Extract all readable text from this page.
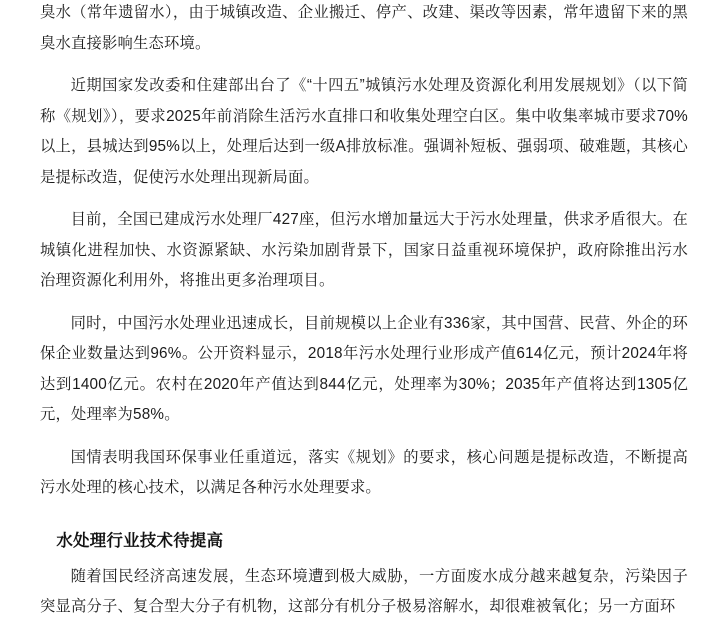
臭水（常年遗留水），由于城镇改造、企业搬迁、停产、改建、渠改等因素，常年遗留下来的黑臭水直接影响生态环境。

近期国家发改委和住建部出台了《“十四五”城镇污水处理及资源化利用发展规划》（以下简称《规划》），要求2025年前消除生活污水直排口和收集处理空白区。集中收集率城市要求70%以上，县城达到95%以上，处理后达到一级A排放标准。强调补短板、强弱项、破难题，其核心是提标改造，促使污水处理出现新局面。

目前，全国已建成污水处理厂427座，但污水增加量远大于污水处理量，供求矛盾很大。在城镇化进程加快、水资源紧缺、水污染加剧背景下，国家日益重视环境保护，政府除推出污水治理资源化利用外，将推出更多治理项目。

同时，中国污水处理业迅速成长，目前规模以上企业有336家，其中国营、民营、外企的环保企业数量达到96%。公开资料显示，2018年污水处理行业形成产值614亿元，预计2024年将达到1400亿元。农村在2020年产值达到844亿元，处理率为30%；2035年产值将达到1305亿元，处理率为58%。

国情表明我国环保事业任重道远，落实《规划》的要求，核心问题是提标改造，不断提高污水处理的核心技术，以满足各种污水处理要求。

水处理行业技术待提高

随着国民经济高速发展，生态环境遭到极大威胁，一方面废水成分越来越复杂，污染因子突显高分子、复合型大分子有机物，这部分有机分子极易溶解水，却很难被氧化；另一方面环
